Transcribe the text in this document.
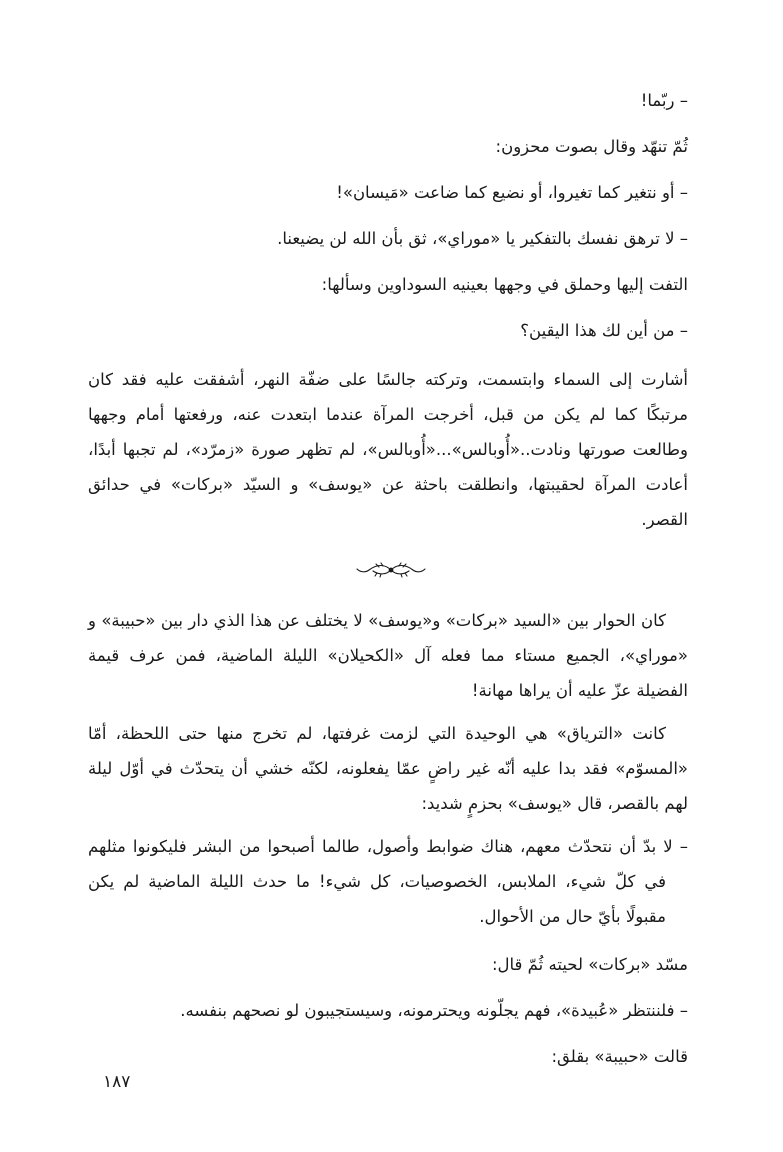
– ربّما!
ثُمّ تنهّد وقال بصوت محزون:
– أو نتغير كما تغيروا، أو نضيع كما ضاعت «مَيسان»!
– لا ترهق نفسك بالتفكير يا «موراي»، ثق بأن الله لن يضيعنا.
التفت إليها وحملق في وجهها بعينيه السوداوين وسألها:
– من أين لك هذا اليقين؟

أشارت إلى السماء وابتسمت، وتركته جالسًا على ضفّة النهر، أشفقت عليه فقد كان مرتبكًا كما لم يكن من قبل، أخرجت المرآة عندما ابتعدت عنه، ورفعتها أمام وجهها وطالعت صورتها ونادت..«أُوبالس»...«أُوبالس»، لم تظهر صورة «زمرّد»، لم تجبها أبدًا، أعادت المرآة لحقيبتها، وانطلقت باحثة عن «يوسف» و السيّد «بركات» في حدائق القصر.

كان الحوار بين «السيد «بركات» و«يوسف» لا يختلف عن هذا الذي دار بين «حبيبة» و «موراي»، الجميع مستاء مما فعله آل «الكحيلان» الليلة الماضية، فمن عرف قيمة الفضيلة عزّ عليه أن يراها مهانة!

كانت «الترياق» هي الوحيدة التي لزمت غرفتها، لم تخرج منها حتى اللحظة، أمّا «المسوّم» فقد بدا عليه أنّه غير راضٍ عمّا يفعلونه، لكنّه خشي أن يتحدّث في أوّل ليلة لهم بالقصر، قال «يوسف» بحزمٍ شديد:

– لا بدّ أن نتحدّث معهم، هناك ضوابط وأصول، طالما أصبحوا من البشر فليكونوا مثلهم في كلّ شيء، الملابس، الخصوصيات، كل شيء! ما حدث الليلة الماضية لم يكن مقبولًا بأيّ حال من الأحوال.

مسّد «بركات» لحيته ثُمّ قال:
– فلننتظر «عُبيدة»، فهم يجلّونه ويحترمونه، وسيستجيبون لو نصحهم بنفسه.
قالت «حبيبة» بقلق:
١٨٧
